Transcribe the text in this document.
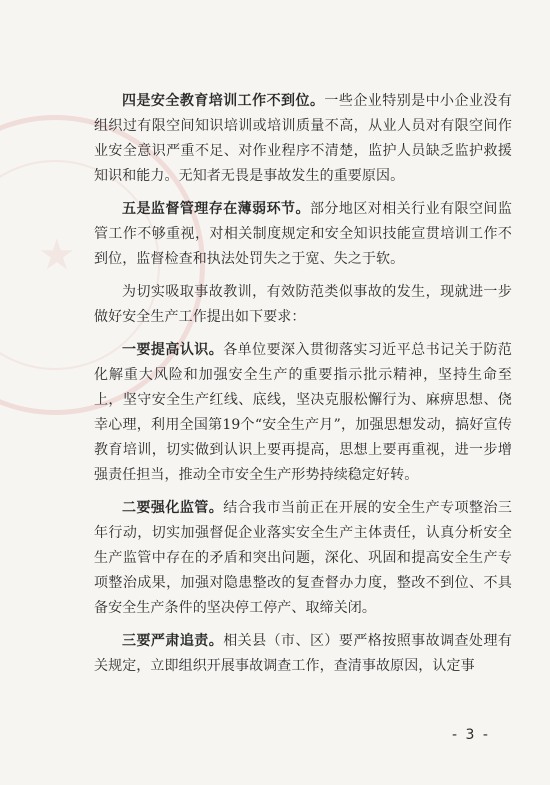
★

四是安全教育培训工作不到位。一些企业特别是中小企业没有组织过有限空间知识培训或培训质量不高，从业人员对有限空间作业安全意识严重不足、对作业程序不清楚，监护人员缺乏监护救援知识和能力。无知者无畏是事故发生的重要原因。

五是监督管理存在薄弱环节。部分地区对相关行业有限空间监管工作不够重视，对相关制度规定和安全知识技能宣贯培训工作不到位，监督检查和执法处罚失之于宽、失之于软。

为切实吸取事故教训，有效防范类似事故的发生，现就进一步做好安全生产工作提出如下要求：

一要提高认识。各单位要深入贯彻落实习近平总书记关于防范化解重大风险和加强安全生产的重要指示批示精神，坚持生命至上，坚守安全生产红线、底线，坚决克服松懈行为、麻痹思想、侥幸心理，利用全国第19个“安全生产月”，加强思想发动，搞好宣传教育培训，切实做到认识上要再提高，思想上要再重视，进一步增强责任担当，推动全市安全生产形势持续稳定好转。

二要强化监管。结合我市当前正在开展的安全生产专项整治三年行动，切实加强督促企业落实安全生产主体责任，认真分析安全生产监管中存在的矛盾和突出问题，深化、巩固和提高安全生产专项整治成果，加强对隐患整改的复查督办力度，整改不到位、不具备安全生产条件的坚决停工停产、取缔关闭。

三要严肃追责。相关县（市、区）要严格按照事故调查处理有关规定，立即组织开展事故调查工作，查清事故原因，认定事

- 3 -
